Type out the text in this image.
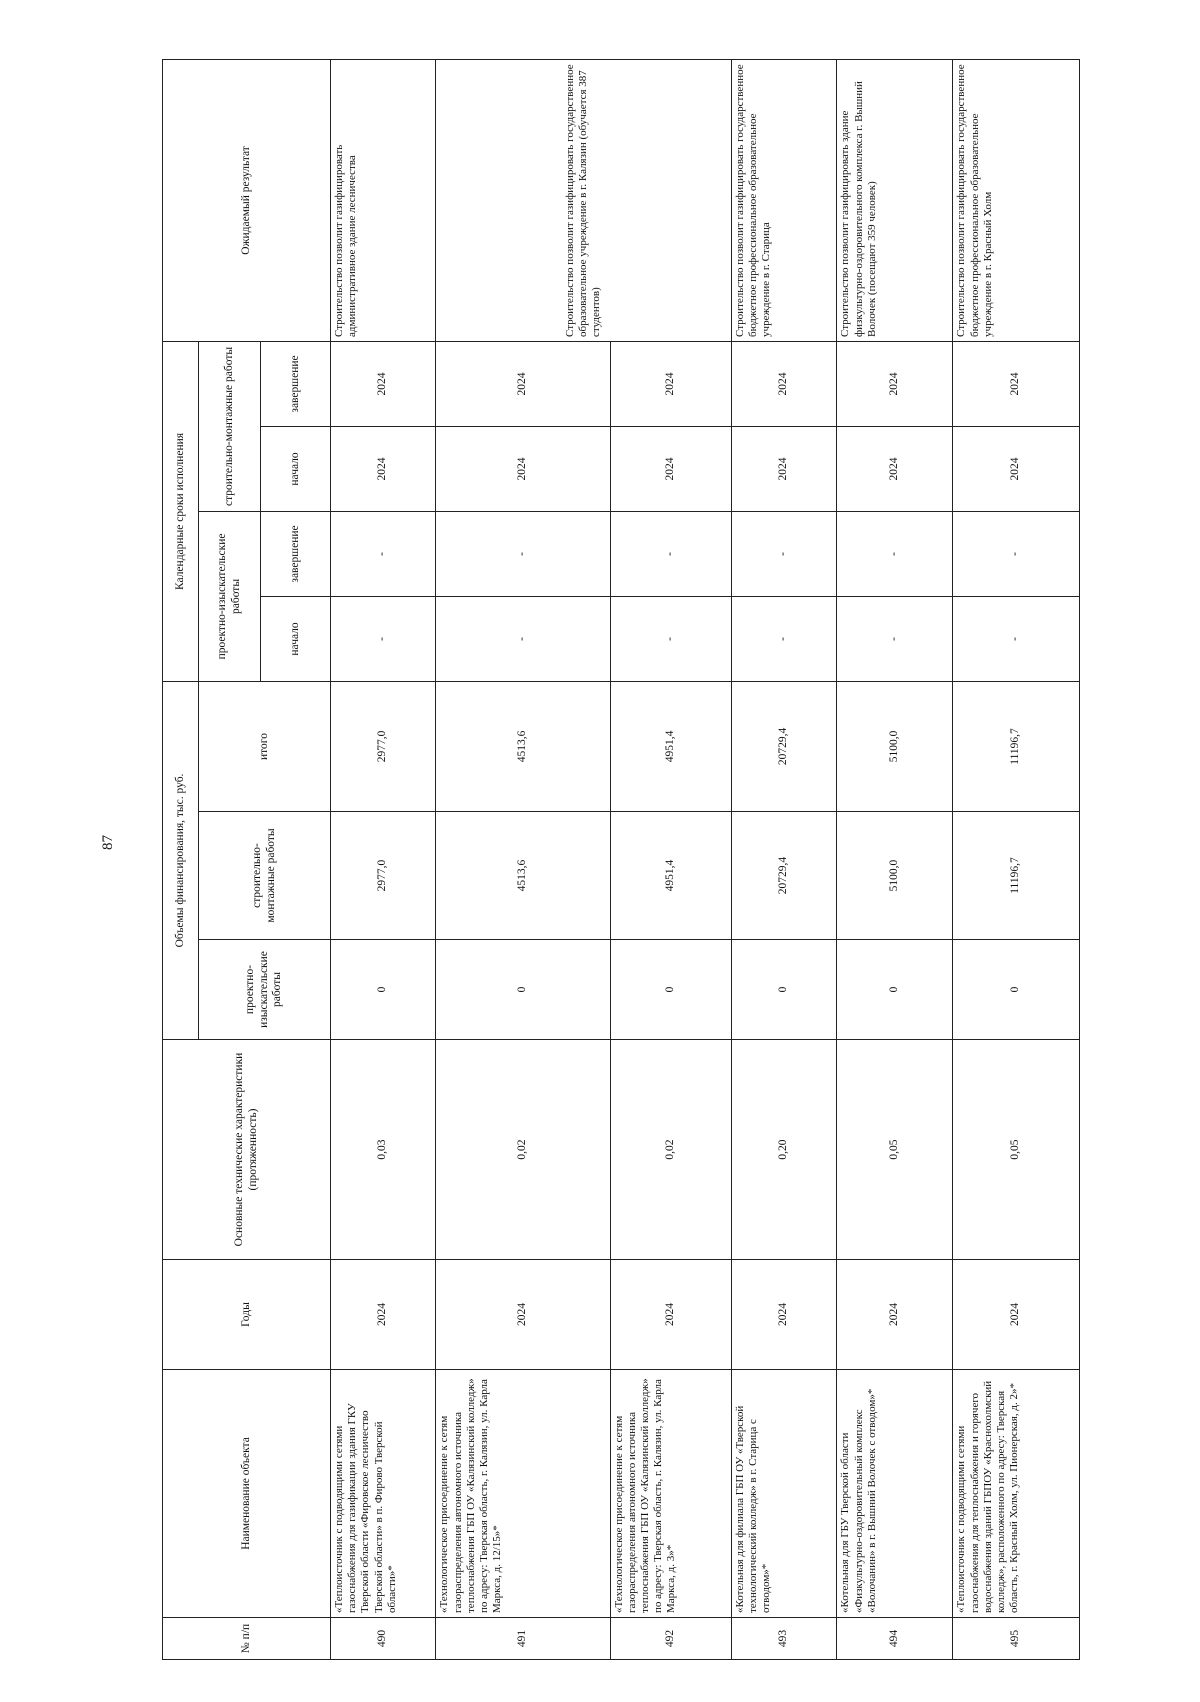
87
№ п/п	Наименование объекта	Годы	Основные технические характеристики (протяженность)	Объемы финансирования, тыс. руб.			Календарные сроки исполнения				Ожидаемый результат
				проектно-изыскательские работы	строительно-монтажные работы	итого	проектно-изыскательские работы		строительно-монтажные работы		
							начало	завершение	начало	завершение	
490	«Теплоисточник с подводящими сетями газоснабжения для газификации здания ГКУ Тверской области «Фировское лесничество Тверской области» в п. Фирово Тверской области»*	2024	0,03	0	2977,0	2977,0	-	-	2024	2024	Строительство позволит газифицировать административное здание лесничества
491	«Технологическое присоединение к сетям газораспределения автономного источника теплоснабжения ГБП ОУ «Калязинский колледж» по адресу: Тверская область, г. Калязин, ул. Карла Маркса, д. 12/15»*	2024	0,02	0	4513,6	4513,6	-	-	2024	2024	Строительство позволит газифицировать государственное образовательное учреждение в г. Калязин (обучается 387 студентов)
492	«Технологическое присоединение к сетям газораспределения автономного источника теплоснабжения ГБП ОУ «Калязинский колледж» по адресу: Тверская область, г. Калязин, ул. Карла Маркса, д. 3»*	2024	0,02	0	4951,4	4951,4	-	-	2024	2024	
493	«Котельная для филиала ГБП ОУ «Тверской технологический колледж» в г. Старица с отводом»*	2024	0,20	0	20729,4	20729,4	-	-	2024	2024	Строительство позволит газифицировать государственное бюджетное профессиональное образовательное учреждение в г. Старица
494	«Котельная для ГБУ Тверской области «Физкультурно-оздоровительный комплекс «Волочанин» в г. Вышний Волочек с отводом»*	2024	0,05	0	5100,0	5100,0	-	-	2024	2024	Строительство позволит газифицировать здание физкультурно-оздоровительного комплекса г. Вышний Волочек (посещают 359 человек)
495	«Теплоисточник с подводящими сетями газоснабжения для теплоснабжения и горячего водоснабжения зданий ГБПОУ «Краснохолмский колледж», расположенного по адресу: Тверская область, г. Красный Холм, ул. Пионерская, д. 2»*	2024	0,05	0	11196,7	11196,7	-	-	2024	2024	Строительство позволит газифицировать государственное бюджетное профессиональное образовательное учреждение в г. Красный Холм
